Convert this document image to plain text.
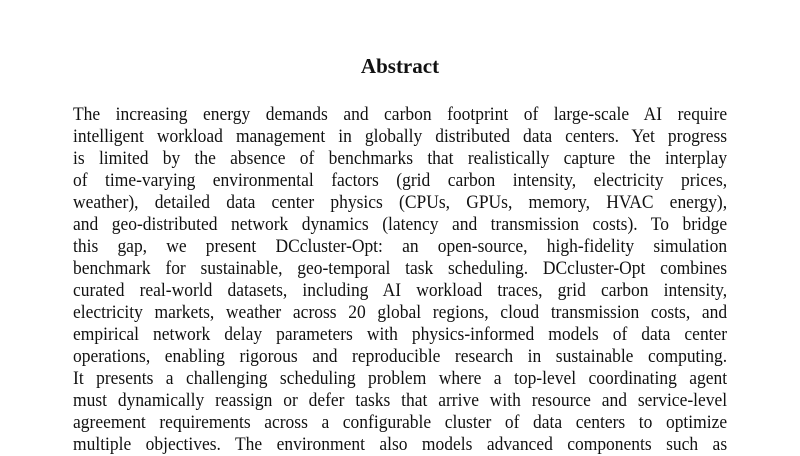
Abstract
The increasing energy demands and carbon footprint of large-scale AI require
intelligent workload management in globally distributed data centers. Yet progress
is limited by the absence of benchmarks that realistically capture the interplay
of time-varying environmental factors (grid carbon intensity, electricity prices,
weather), detailed data center physics (CPUs, GPUs, memory, HVAC energy),
and geo-distributed network dynamics (latency and transmission costs). To bridge
this gap, we present DCcluster-Opt: an open-source, high-fidelity simulation
benchmark for sustainable, geo-temporal task scheduling. DCcluster-Opt combines
curated real-world datasets, including AI workload traces, grid carbon intensity,
electricity markets, weather across 20 global regions, cloud transmission costs, and
empirical network delay parameters with physics-informed models of data center
operations, enabling rigorous and reproducible research in sustainable computing.
It presents a challenging scheduling problem where a top-level coordinating agent
must dynamically reassign or defer tasks that arrive with resource and service-level
agreement requirements across a configurable cluster of data centers to optimize
multiple objectives. The environment also models advanced components such as
